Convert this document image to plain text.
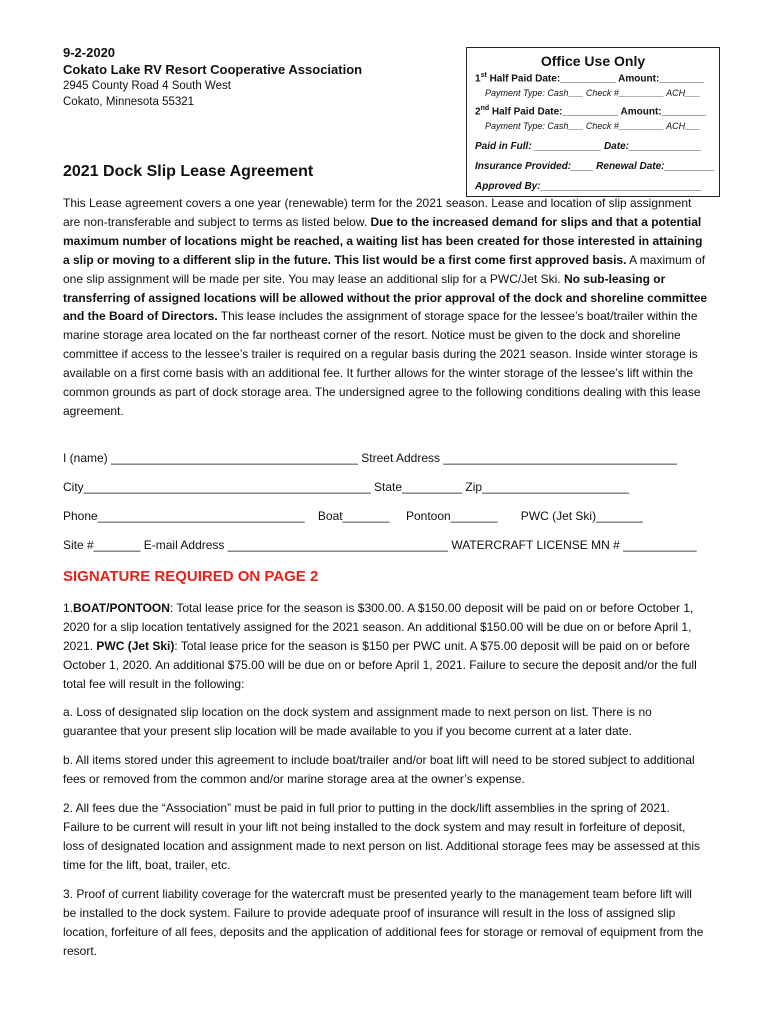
9-2-2020
Cokato Lake RV Resort Cooperative Association
2945 County Road 4 South West
Cokato, Minnesota 55321
Office Use Only
1st Half Paid Date:__________ Amount:________
Payment Type: Cash___ Check #_________ ACH___
2nd Half Paid Date:__________ Amount:________
Payment Type: Cash___ Check #_________ ACH___
Paid in Full: ____________ Date:_____________
Insurance Provided:____ Renewal Date:_________
Approved By:_____________________________
2021 Dock Slip Lease Agreement
This Lease agreement covers a one year (renewable) term for the 2021 season. Lease and location of slip assignment are non-transferable and subject to terms as listed below. Due to the increased demand for slips and that a potential maximum number of locations might be reached, a waiting list has been created for those interested in attaining a slip or moving to a different slip in the future. This list would be a first come first approved basis. A maximum of one slip assignment will be made per site. You may lease an additional slip for a PWC/Jet Ski. No sub-leasing or transferring of assigned locations will be allowed without the prior approval of the dock and shoreline committee and the Board of Directors. This lease includes the assignment of storage space for the lessee’s boat/trailer within the marine storage area located on the far northeast corner of the resort. Notice must be given to the dock and shoreline committee if access to the lessee’s trailer is required on a regular basis during the 2021 season. Inside winter storage is available on a first come basis with an additional fee. It further allows for the winter storage of the lessee’s lift within the common grounds as part of dock storage area. The undersigned agree to the following conditions dealing with this lease agreement.
I (name) _____________________________________ Street Address ___________________________________
City___________________________________________ State_________ Zip______________________
Phone_______________________________    Boat_______     Pontoon_______       PWC (Jet Ski)_______
Site #_______ E-mail Address _________________________________ WATERCRAFT LICENSE MN # ___________
SIGNATURE REQUIRED ON PAGE 2
1.BOAT/PONTOON: Total lease price for the season is $300.00. A $150.00 deposit will be paid on or before October 1, 2020 for a slip location tentatively assigned for the 2021 season. An additional $150.00 will be due on or before April 1, 2021. PWC (Jet Ski): Total lease price for the season is $150 per PWC unit. A $75.00 deposit will be paid on or before October 1, 2020. An additional $75.00 will be due on or before April 1, 2021. Failure to secure the deposit and/or the full total fee will result in the following:
a. Loss of designated slip location on the dock system and assignment made to next person on list. There is no guarantee that your present slip location will be made available to you if you become current at a later date.
b. All items stored under this agreement to include boat/trailer and/or boat lift will need to be stored subject to additional fees or removed from the common and/or marine storage area at the owner’s expense.
2. All fees due the “Association” must be paid in full prior to putting in the dock/lift assemblies in the spring of 2021. Failure to be current will result in your lift not being installed to the dock system and may result in forfeiture of deposit, loss of designated location and assignment made to next person on list. Additional storage fees may be assessed at this time for the lift, boat, trailer, etc.
3. Proof of current liability coverage for the watercraft must be presented yearly to the management team before lift will be installed to the dock system. Failure to provide adequate proof of insurance will result in the loss of assigned slip location, forfeiture of all fees, deposits and the application of additional fees for storage or removal of equipment from the resort.
